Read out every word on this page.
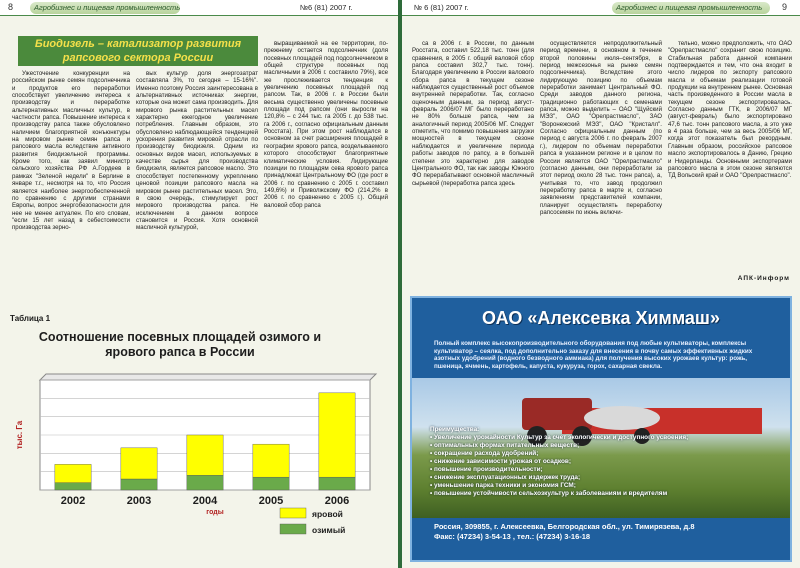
8	Агробизнес и пищевая промышленность	№6 (81) 2007 г.
Биодизель – катализатор развития рапсового сектора России

Ужесточение конкуренции на российском рынке семян подсолнечника и продуктов его переработки способствует увеличению интереса к производству и переработке альтернативных масличных культур, в частности рапса. Повышение интереса к производству рапса также обусловлено наличием благоприятной конъюнктуры на мировом рынке семян рапса и рапсового масла вследствие активного развития биодизельной программы. Кроме того, как заявил министр сельского хозяйства РФ А.Гордеев в рамках "Зеленой недели" в Берлине в январе т.г., несмотря на то, что Россия является наиболее энергообеспеченной по сравнению с другими странами Европы, вопрос энергобезопасности для нее не менее актуален. По его словам, "если 15 лет назад в себестоимости производства зерно-

вых культур доля энергозатрат составляла 3%, то сегодня – 15-16%". Именно поэтому Россия заинтересована в альтернативных источниках энергии, которые она может сама производить. Для мирового рынка растительных масел характерно ежегодное увеличение потребления. Главным образом, это обусловлено наблюдающейся тенденцией ускорения развития мировой отрасли по производству биодизеля. Одним из основных видов масел, используемых в качестве сырья для производства биодизеля, является рапсовое масло. Это способствует постепенному укреплению ценовой позиции рапсового масла на мировом рынке растительных масел. Это, в свою очередь, стимулирует рост мирового производства рапса. Не исключением в данном вопросе становится и Россия. Хотя основной масличной культурой,

выращиваемой на ее территории, по-прежнему остается подсолнечник (доля посевных площадей под подсолнечником в общей структуре посевных под масличными в 2006 г. составило 79%), все же прослеживается тенденция к увеличению посевных площадей под рапсом. Так, в 2006 г. в России были весьма существенно увеличены посевные площади под рапсом (они выросли на 120,8% – с 244 тыс. га 2005 г. до 538 тыс. га 2006 г., согласно официальным данным Росстата). При этом рост наблюдался в основном за счет расширения площадей в географии ярового рапса, возделываемого которого способствуют благоприятные климатические условия. Лидирующие позиции по площадям сева ярового рапса принадлежат Центральному ФО (где рост в 2006 г. по сравнению с 2005 г. составил 149,6%) и Приволжскому ФО (214,2% в 2006 г. по сравнению с 2005 г.). Общий валовой сбор рапса

Таблица 1
Соотношение посевных площадей озимого и ярового рапса в России
тыс. Га
2002	2003	2004	2005	2006
годы	яровой
озимый
№ 6 (81) 2007 г.	Агробизнес и пищевая промышленность 9

са в 2006 г. в России, по данным Росстата, составил 522,18 тыс. тонн (для сравнения, в 2005 г. общий валовой сбор рапса составил 302,7 тыс. тонн). Благодаря увеличению в России валового сбора рапса в текущем сезоне наблюдается существенный рост объемов внутренней переработки. Так, согласно оценочным данным, за период август-февраль 2006/07 МГ было переработано не 80% больше рапса, чем за аналогичный период 2005/06 МГ. Следует отметить, что помимо повышения загрузки мощностей в текущем сезоне наблюдается и увеличение периода работы заводов по рапсу, а в большей степени это характерно для заводов Центрального ФО, так как заводы Южного ФО перерабатывают основной масличный сырьевой (переработка рапса здесь

осуществляется непродолжительный период времени, в основном в течение второй половины июля–сентября, в период межсезонья на рынке семян подсолнечника). Вследствие этого лидирующую позицию по объемам переработки занимает Центральный ФО. Среди заводов данного региона, традиционно работающих с семенами рапса, можно выделить – ОАО "Щуйский МЭЗ", ОАО "Орелрастмасло", ЗАО "Воронежский МЭЗ", ОАО "Кристалл". Согласно официальным данным (по период с августа 2006 г. по февраль 2007 г.), лидером по объемам переработки рапса в указанном регионе и в целом по России является ОАО "Орелрастмасло" (согласно данным, они переработали за этот период около 28 тыс. тонн рапса), а, учитывая то, что завод продолжил переработку рапса в марте и, согласно заявлениям представителей компании, планирует осуществлять переработку рапсосемян по июнь включи-

тельно, можно предположить, что ОАО "Орелрастмасло" сохранит свою позицию. Стабильная работа данной компании подтверждается и тем, что она входит в число лидеров по экспорту рапсового масла и объемам реализации готовой продукции на внутреннем рынке. Основная часть произведенного в России масла в текущем сезоне экспортировалась. Согласно данным ГТК, в 2006/07 МГ (август-февраль) было экспортировано 47,6 тыс. тонн рапсового масла, а это уже в 4 раза больше, чем за весь 2005/06 МГ, когда этот показатель был рекордным. Главным образом, российское рапсовое масло экспортировалось в Данию, Грецию и Нидерланды. Основными экспортерами рапсового масла в этом сезоне являются ТД Вольский край и ОАО "Орелрастмасло".

АПК-Информ
ОАО «Алексевка Химмаш»
Полный комплекс высокопроизводительного оборудования под любые культиваторы, комплексы культиватор – сеялка, под дополнительно заказу для внесения в почву самых эффективных жидких азотных удобрений (водного безводного аммиака) для получения высоких урожаев культур: рожь, пшеница, ячмень, картофель, капуста, кукуруза, горох, сахарная свекла.
Преимущества:
• Увеличение урожайности Культур за счет экологически и доступного усвоения;
• оптимальных формах питательных веществ;
• сокращение расхода удобрений;
• снижение зависимости урожая от осадков;
• повышение производительности;
• снижение эксплуатационных издержек труда;
• уменьшение парка техники и экономия ГСМ;
• повышение устойчивости сельхозкультур к заболеваниям и вредителям
Россия, 309855, г. Алексеевка, Белгородская обл., ул. Тимирязева, д.8
Факс: (47234) 3-54-13 , тел.: (47234) 3-16-18
